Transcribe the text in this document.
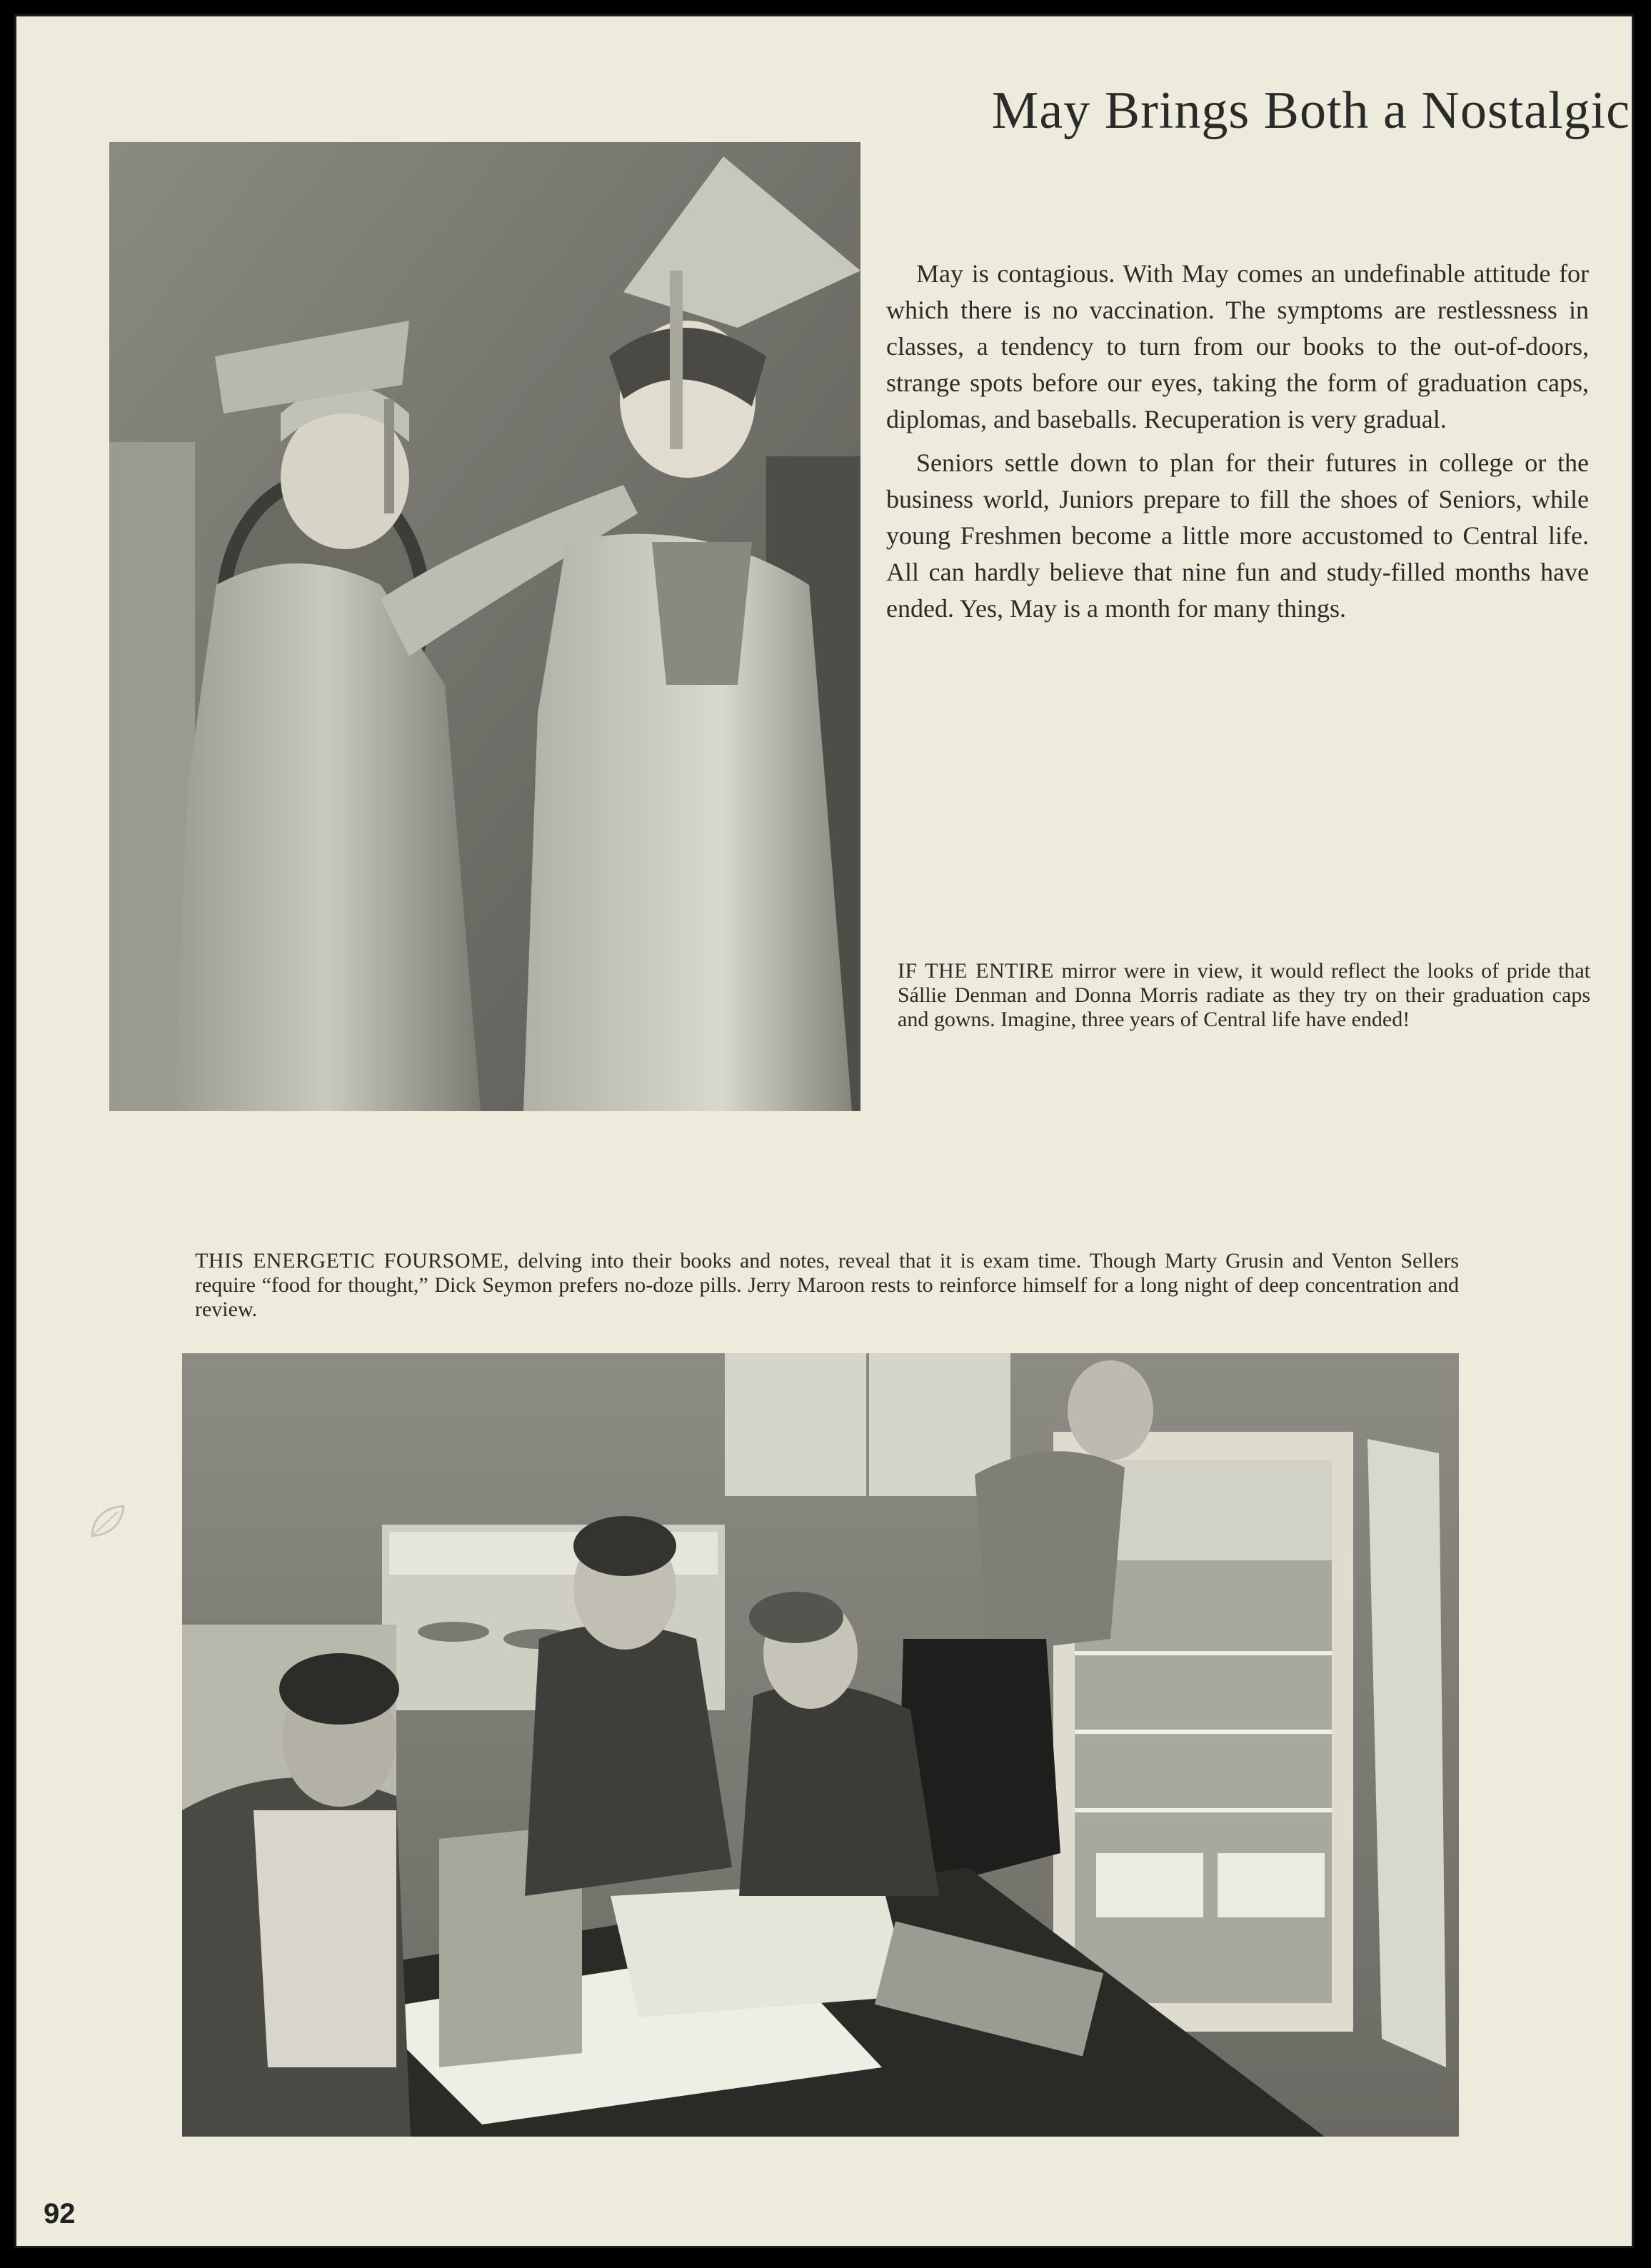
May Brings Both a Nostalgic

May is contagious. With May comes an undefinable attitude for which there is no vaccination. The symptoms are restlessness in classes, a tendency to turn from our books to the out-of-doors, strange spots before our eyes, taking the form of graduation caps, diplomas, and baseballs. Recuperation is very gradual.

Seniors settle down to plan for their futures in college or the business world, Juniors prepare to fill the shoes of Seniors, while young Freshmen become a little more accustomed to Central life. All can hardly believe that nine fun and study-filled months have ended. Yes, May is a month for many things.

IF THE ENTIRE mirror were in view, it would reflect the looks of pride that Sállie Denman and Donna Morris radiate as they try on their graduation caps and gowns. Imagine, three years of Central life have ended!
THIS ENERGETIC FOURSOME, delving into their books and notes, reveal that it is exam time. Though Marty Grusin and Venton Sellers require “food for thought,” Dick Seymon prefers no-doze pills. Jerry Maroon rests to reinforce himself for a long night of deep concentration and review.
92
